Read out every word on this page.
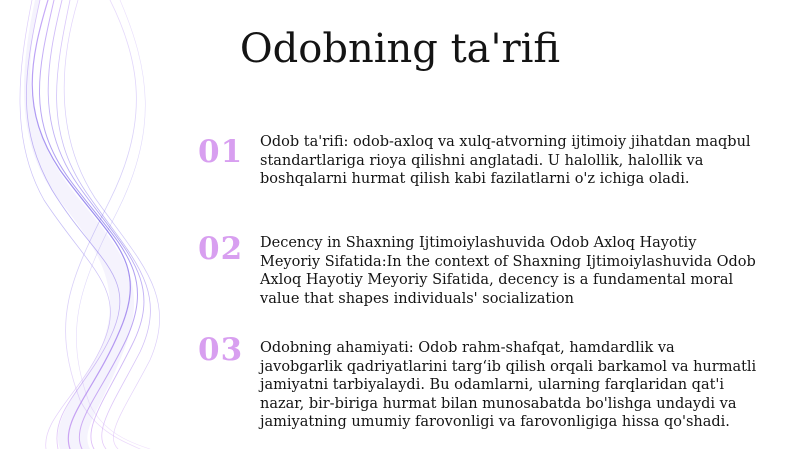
Odobning ta'rifi
01	Odob ta'rifi: odob-axloq va xulq-atvorning ijtimoiy jihatdan maqbul standartlariga rioya qilishni anglatadi. U halollik, halollik va boshqalarni hurmat qilish kabi fazilatlarni o'z ichiga oladi.
02	Decency in Shaxning Ijtimoiylashuvida Odob Axloq Hayotiy Meyoriy Sifatida:In the context of Shaxning Ijtimoiylashuvida Odob Axloq Hayotiy Meyoriy Sifatida, decency is a fundamental moral value that shapes individuals' socialization
03	Odobning ahamiyati: Odob rahm-shafqat, hamdardlik va javobgarlik qadriyatlarini targ‘ib qilish orqali barkamol va hurmatli jamiyatni tarbiyalaydi. Bu odamlarni, ularning farqlaridan qat'i nazar, bir-biriga hurmat bilan munosabatda bo'lishga undaydi va jamiyatning umumiy farovonligi va farovonligiga hissa qo'shadi.
